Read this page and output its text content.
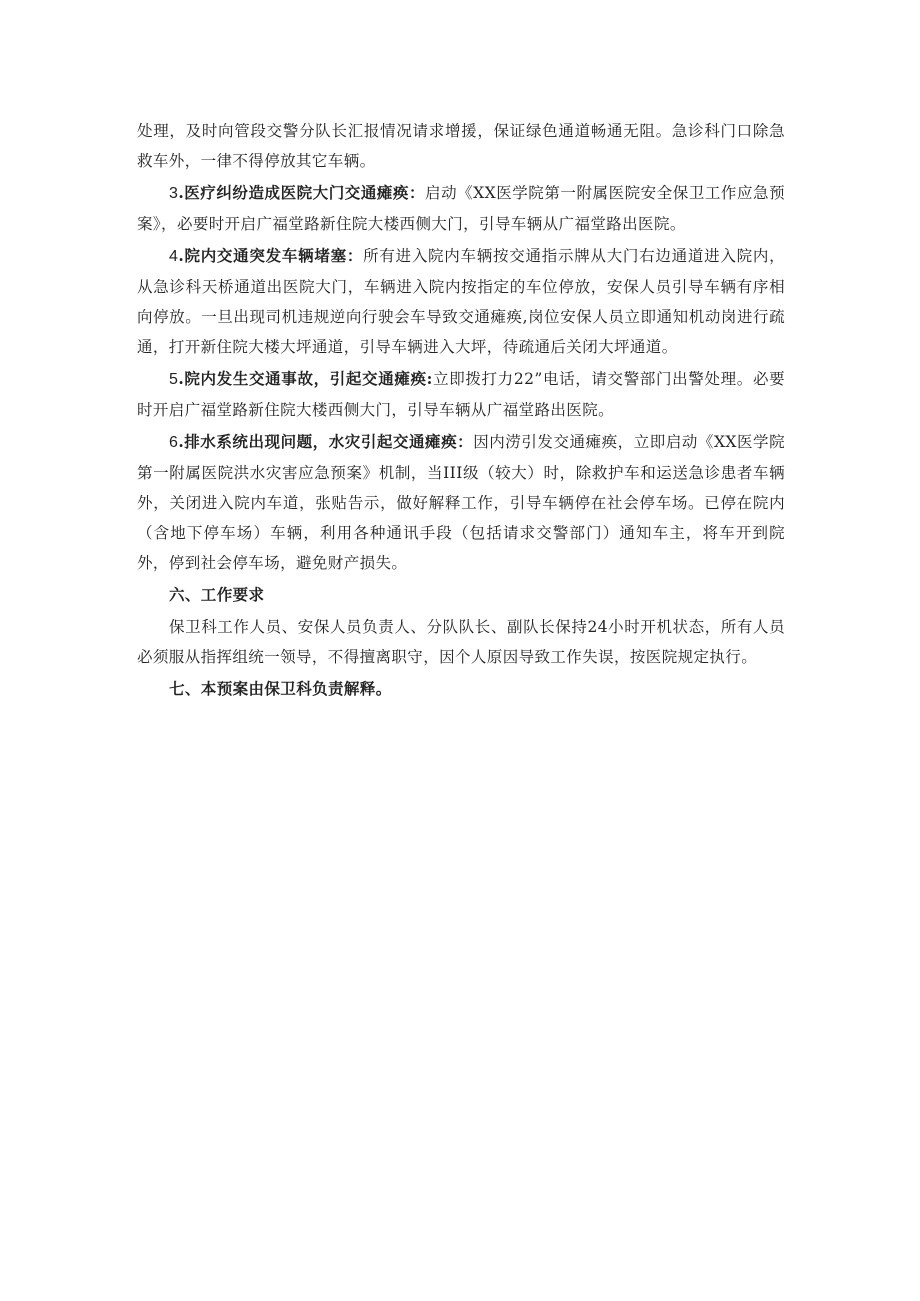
处理，及时向管段交警分队长汇报情况请求增援，保证绿色通道畅通无阻。急诊科门口除急救车外，一律不得停放其它车辆。

3.医疗纠纷造成医院大门交通瘫痪：启动《XX医学院第一附属医院安全保卫工作应急预案》，必要时开启广福堂路新住院大楼西侧大门，引导车辆从广福堂路出医院。

4.院内交通突发车辆堵塞：所有进入院内车辆按交通指示牌从大门右边通道进入院内，从急诊科天桥通道出医院大门，车辆进入院内按指定的车位停放，安保人员引导车辆有序相向停放。一旦出现司机违规逆向行驶会车导致交通瘫痪,岗位安保人员立即通知机动岗进行疏通，打开新住院大楼大坪通道，引导车辆进入大坪，待疏通后关闭大坪通道。

5.院内发生交通事故，引起交通瘫痪:立即拨打力22”电话，请交警部门出警处理。必要时开启广福堂路新住院大楼西侧大门，引导车辆从广福堂路出医院。

6.排水系统出现问题，水灾引起交通瘫痪：因内涝引发交通瘫痪，立即启动《XX医学院第一附属医院洪水灾害应急预案》机制，当III级（较大）时，除救护车和运送急诊患者车辆外，关闭进入院内车道，张贴告示，做好解释工作，引导车辆停在社会停车场。已停在院内（含地下停车场）车辆，利用各种通讯手段（包括请求交警部门）通知车主，将车开到院外，停到社会停车场，避免财产损失。

六、工作要求

保卫科工作人员、安保人员负责人、分队队长、副队长保持24小时开机状态，所有人员必须服从指挥组统一领导，不得擅离职守，因个人原因导致工作失误，按医院规定执行。

七、本预案由保卫科负责解释。
